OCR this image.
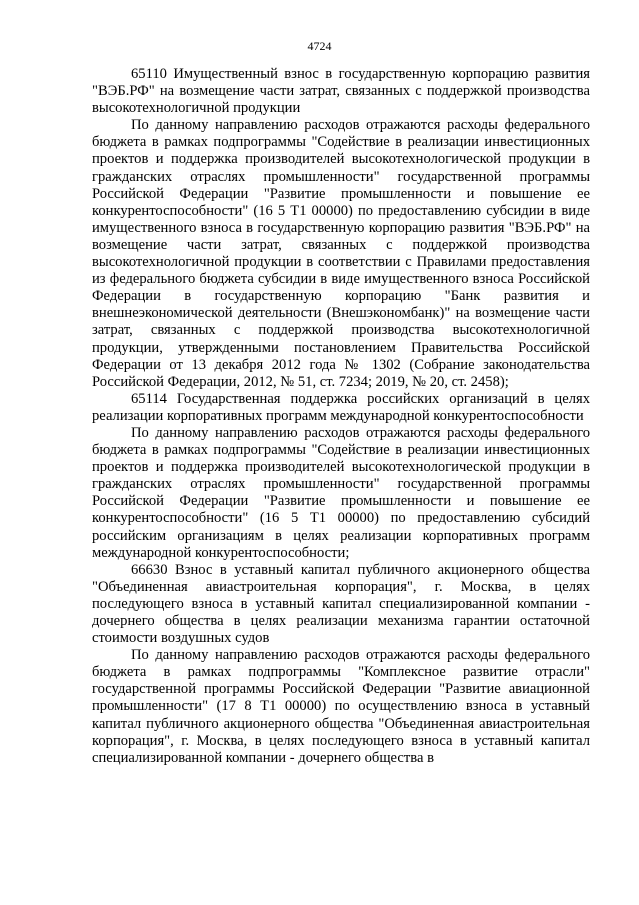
4724

65110 Имущественный взнос в государственную корпорацию развития "ВЭБ.РФ" на возмещение части затрат, связанных с поддержкой производства высокотехнологичной продукции

По данному направлению расходов отражаются расходы федерального бюджета в рамках подпрограммы "Содействие в реализации инвестиционных проектов и поддержка производителей высокотехнологической продукции в гражданских отраслях промышленности" государственной программы Российской Федерации "Развитие промышленности и повышение ее конкурентоспособности" (16 5 Т1 00000) по предоставлению субсидии в виде имущественного взноса в государственную корпорацию развития "ВЭБ.РФ" на возмещение части затрат, связанных с поддержкой производства высокотехнологичной продукции в соответствии с Правилами предоставления из федерального бюджета субсидии в виде имущественного взноса Российской Федерации в государственную корпорацию "Банк развития и внешнеэкономической деятельности (Внешэкономбанк)" на возмещение части затрат, связанных с поддержкой производства высокотехнологичной продукции, утвержденными постановлением Правительства Российской Федерации от 13 декабря 2012 года № 1302 (Собрание законодательства Российской Федерации, 2012, № 51, ст. 7234; 2019, № 20, ст. 2458);

65114 Государственная поддержка российских организаций в целях реализации корпоративных программ международной конкурентоспособности

По данному направлению расходов отражаются расходы федерального бюджета в рамках подпрограммы "Содействие в реализации инвестиционных проектов и поддержка производителей высокотехнологической продукции в гражданских отраслях промышленности" государственной программы Российской Федерации "Развитие промышленности и повышение ее конкурентоспособности" (16 5 Т1 00000) по предоставлению субсидий российским организациям в целях реализации корпоративных программ международной конкурентоспособности;

66630 Взнос в уставный капитал публичного акционерного общества "Объединенная авиастроительная корпорация", г. Москва, в целях последующего взноса в уставный капитал специализированной компании - дочернего общества в целях реализации механизма гарантии остаточной стоимости воздушных судов

По данному направлению расходов отражаются расходы федерального бюджета в рамках подпрограммы "Комплексное развитие отрасли" государственной программы Российской Федерации "Развитие авиационной промышленности" (17 8 Т1 00000) по осуществлению взноса в уставный капитал публичного акционерного общества "Объединенная авиастроительная корпорация", г. Москва, в целях последующего взноса в уставный капитал специализированной компании - дочернего общества в
